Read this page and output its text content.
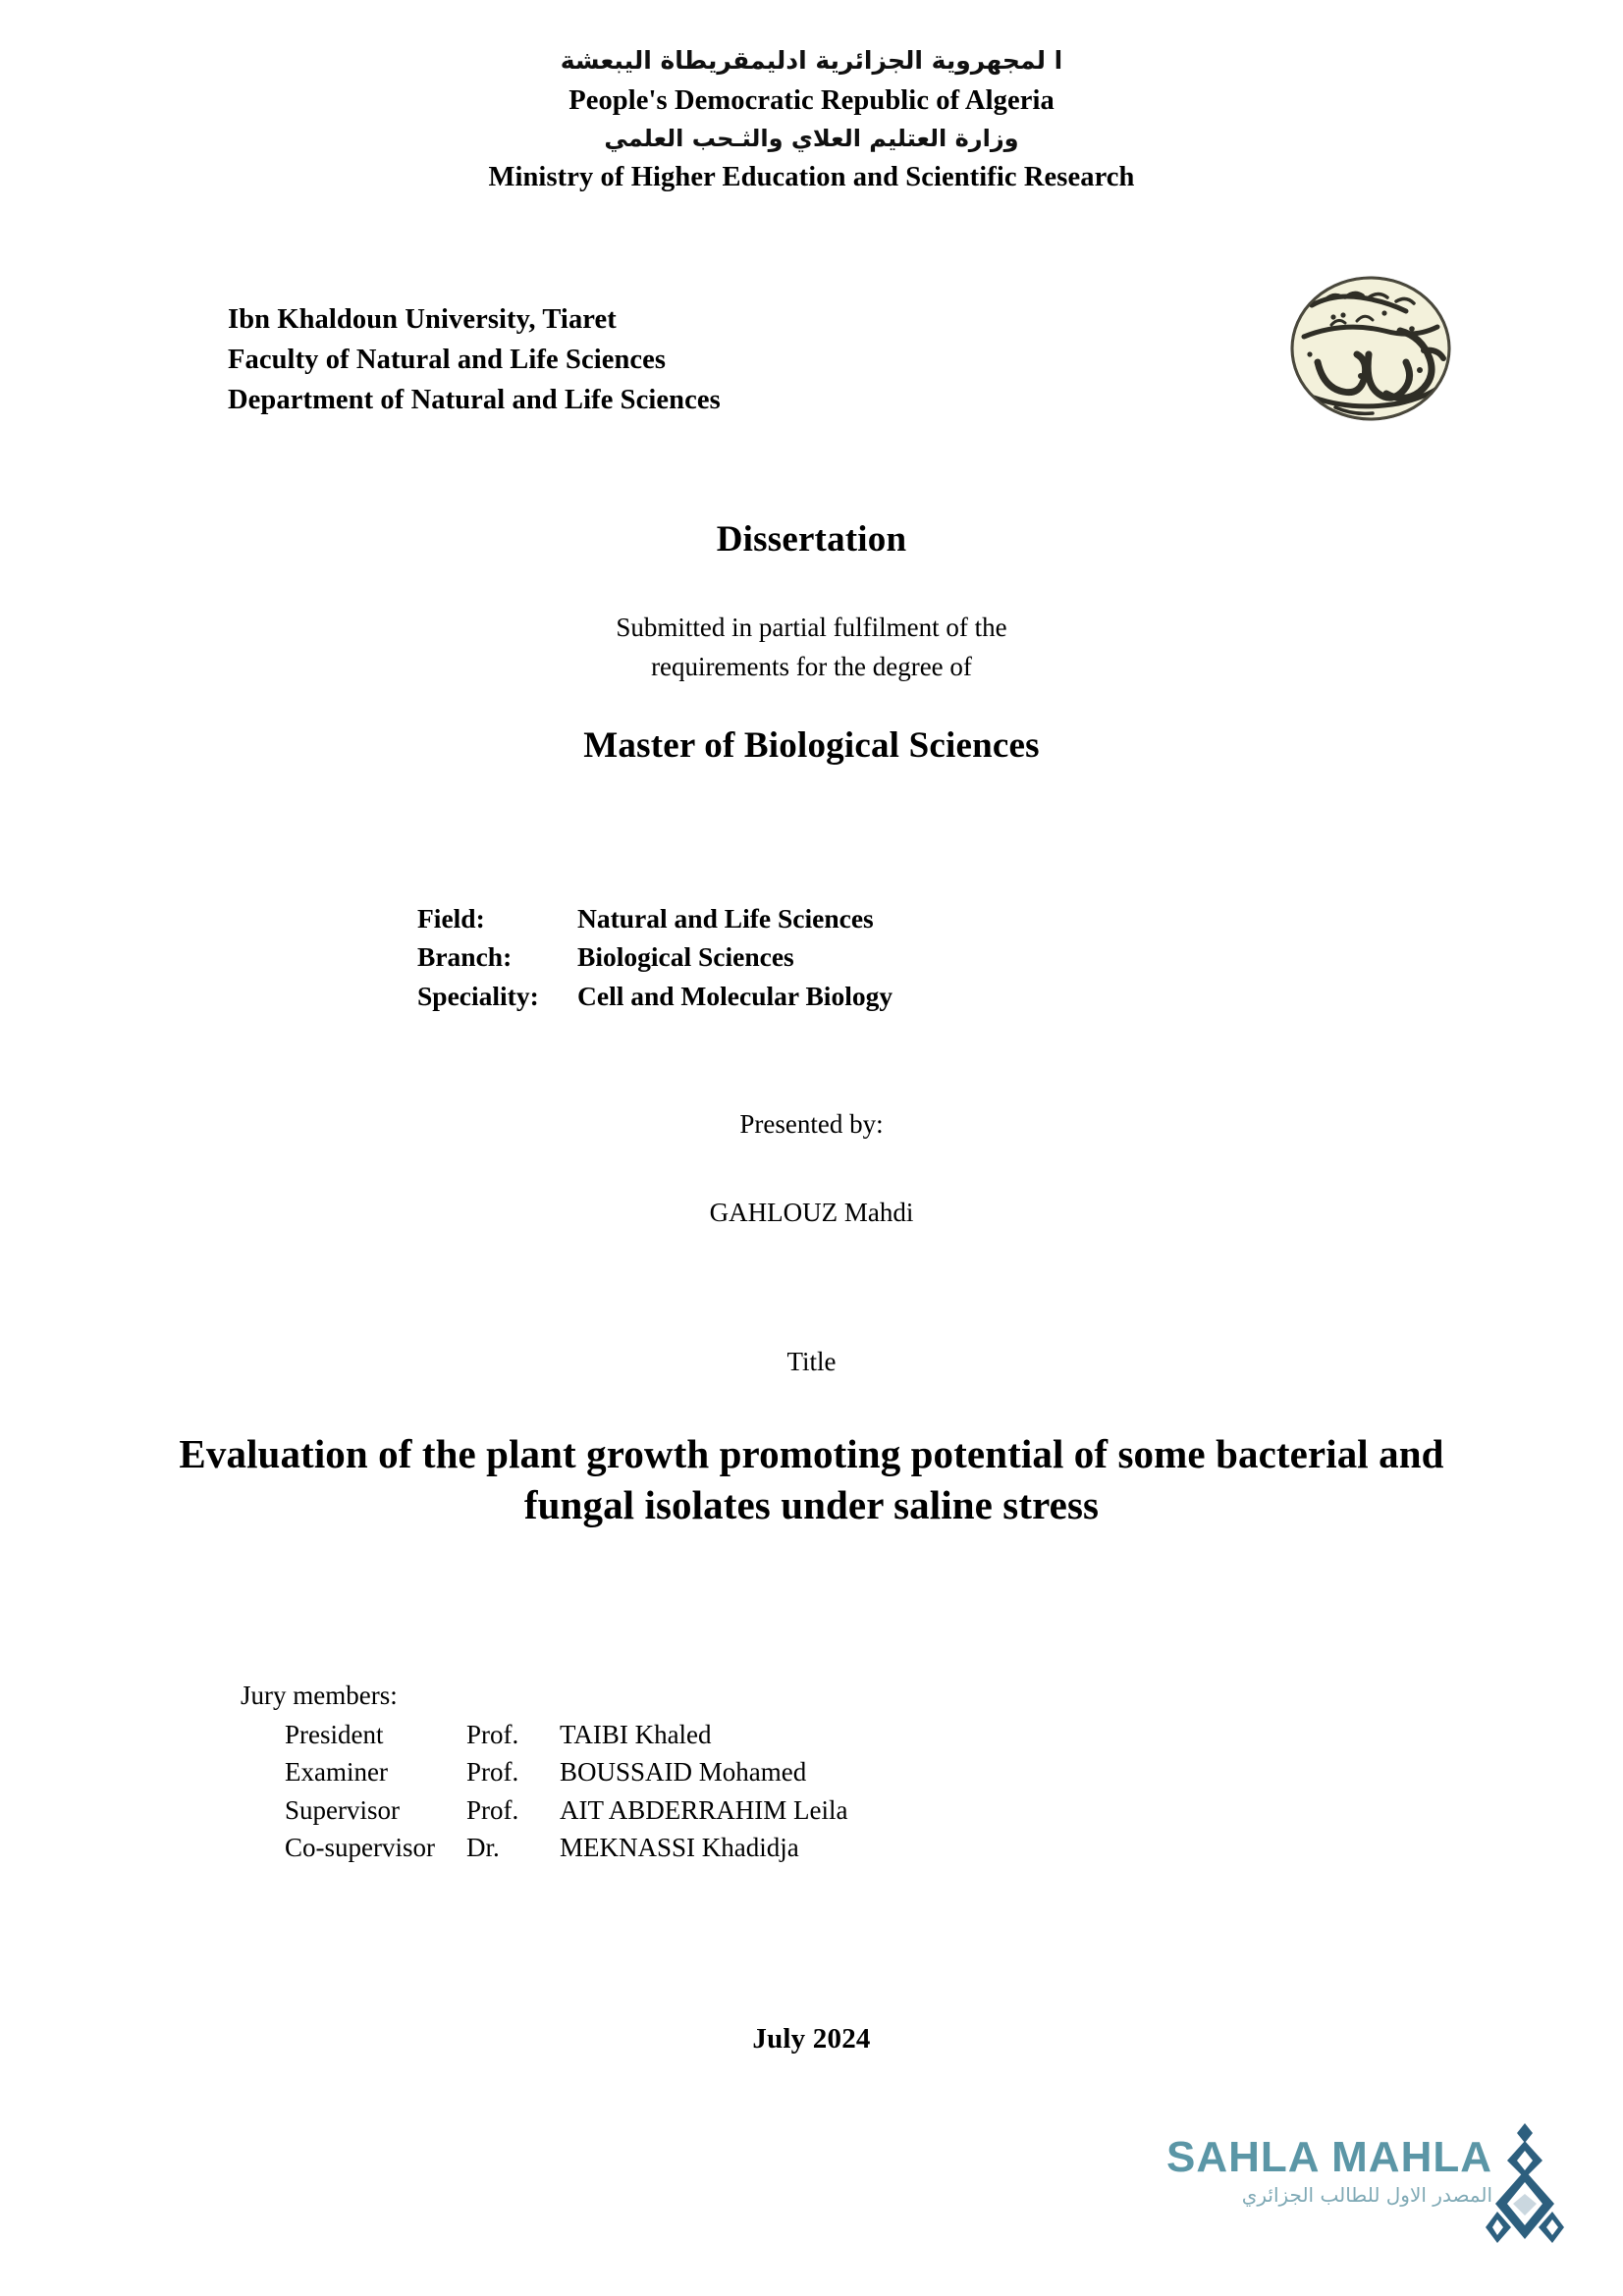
ا لمجهروية الجزائرية ادليمقريطاة اليبعشة
People's Democratic Republic of Algeria
وزارة العتليم العلاي والثـحب العلمي
Ministry of Higher Education and Scientific Research
Ibn Khaldoun University, Tiaret
Faculty of Natural and Life Sciences
Department of Natural and Life Sciences
Dissertation
Submitted in partial fulfilment of the
requirements for the degree of
Master of Biological Sciences
Field:	Natural and Life Sciences
Branch:	Biological Sciences
Speciality:	Cell and Molecular Biology
Presented by:
GAHLOUZ Mahdi
Title
Evaluation of the plant growth promoting potential of some bacterial and fungal isolates under saline stress
Jury members:
President	Prof.	TAIBI Khaled
Examiner	Prof.	BOUSSAID Mohamed
Supervisor	Prof.	AIT ABDERRAHIM Leila
Co-supervisor	Dr.	MEKNASSI Khadidja
July 2024
SAHLA MAHLA
المصدر الاول للطالب الجزائري
